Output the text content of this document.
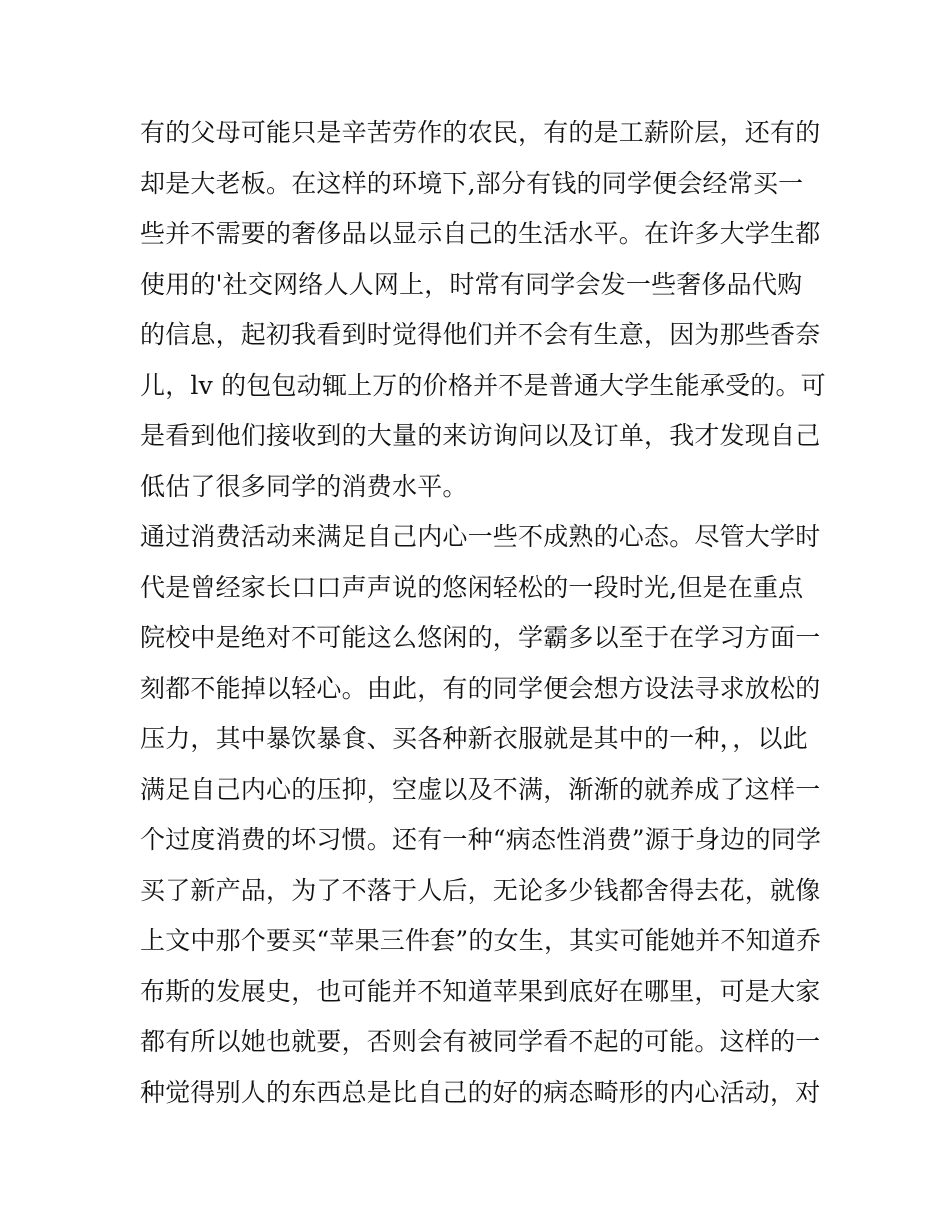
有的父母可能只是辛苦劳作的农民，有的是工薪阶层，还有的
却是大老板。在这样的环境下,部分有钱的同学便会经常买一
些并不需要的奢侈品以显示自己的生活水平。在许多大学生都
使用的'社交网络人人网上，时常有同学会发一些奢侈品代购
的信息，起初我看到时觉得他们并不会有生意，因为那些香奈
儿，lv 的包包动辄上万的价格并不是普通大学生能承受的。可
是看到他们接收到的大量的来访询问以及订单，我才发现自己
低估了很多同学的消费水平。
通过消费活动来满足自己内心一些不成熟的心态。尽管大学时
代是曾经家长口口声声说的悠闲轻松的一段时光,但是在重点
院校中是绝对不可能这么悠闲的，学霸多以至于在学习方面一
刻都不能掉以轻心。由此，有的同学便会想方设法寻求放松的
压力，其中暴饮暴食、买各种新衣服就是其中的一种，，以此
满足自己内心的压抑，空虚以及不满，渐渐的就养成了这样一
个过度消费的坏习惯。还有一种“病态性消费”源于身边的同学
买了新产品，为了不落于人后，无论多少钱都舍得去花，就像
上文中那个要买“苹果三件套”的女生，其实可能她并不知道乔
布斯的发展史，也可能并不知道苹果到底好在哪里，可是大家
都有所以她也就要，否则会有被同学看不起的可能。这样的一
种觉得别人的东西总是比自己的好的病态畸形的内心活动，对
